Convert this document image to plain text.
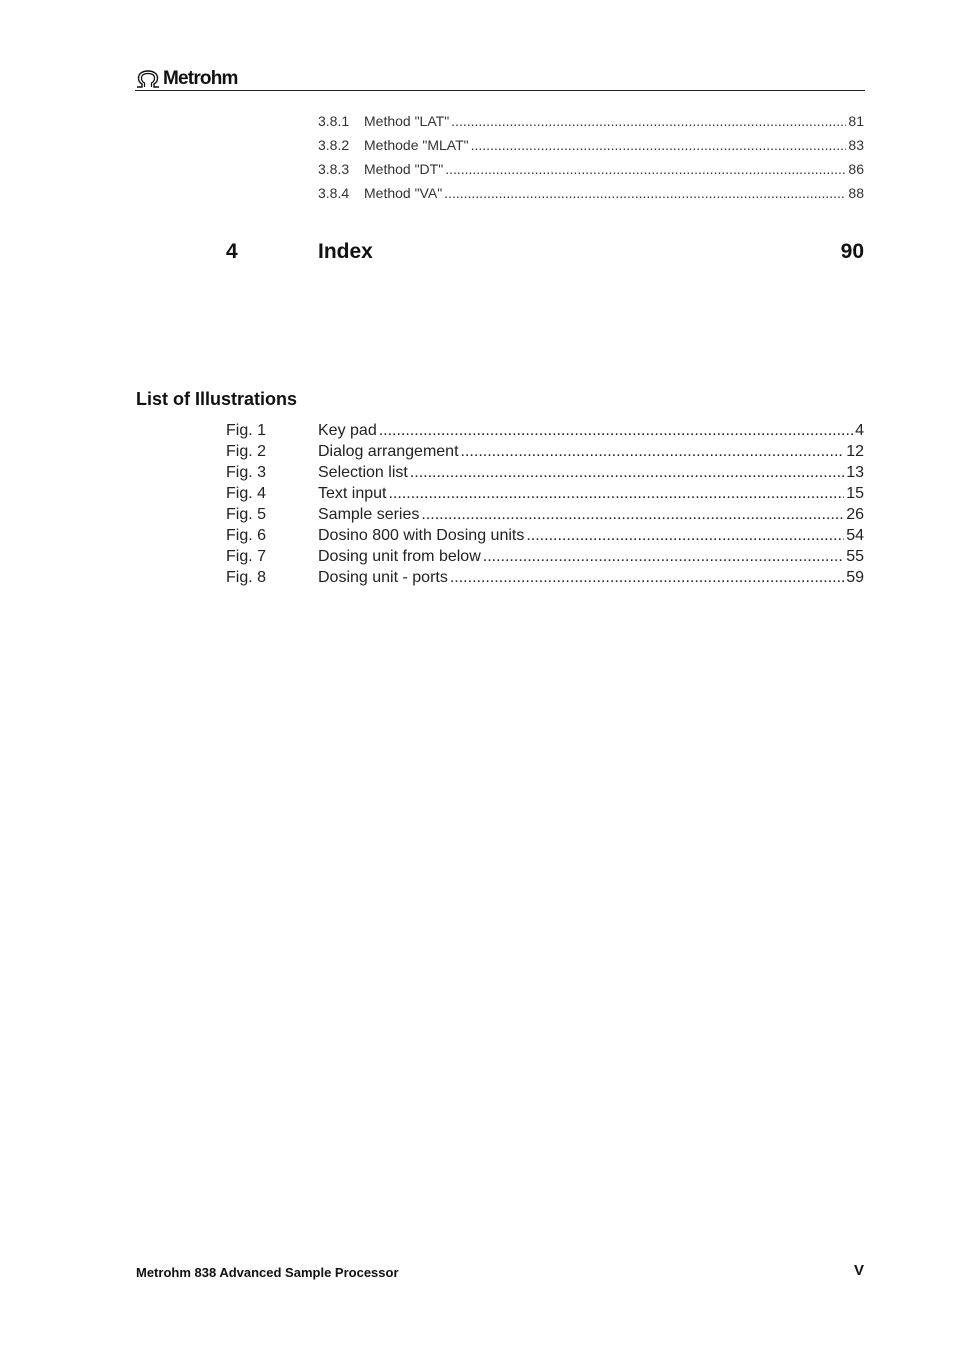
Metrohm
3.8.1	Method "LAT" .....	81
3.8.2	Methode "MLAT" .....	83
3.8.3	Method "DT" .....	86
3.8.4	Method "VA" .....	88
4	Index	90
List of Illustrations
Fig. 1	Key pad .....	4
Fig. 2	Dialog arrangement .....	12
Fig. 3	Selection list .....	13
Fig. 4	Text input .....	15
Fig. 5	Sample series .....	26
Fig. 6	Dosino 800 with Dosing units .....	54
Fig. 7	Dosing unit from below .....	55
Fig. 8	Dosing unit - ports .....	59
Metrohm 838 Advanced Sample Processor	V
